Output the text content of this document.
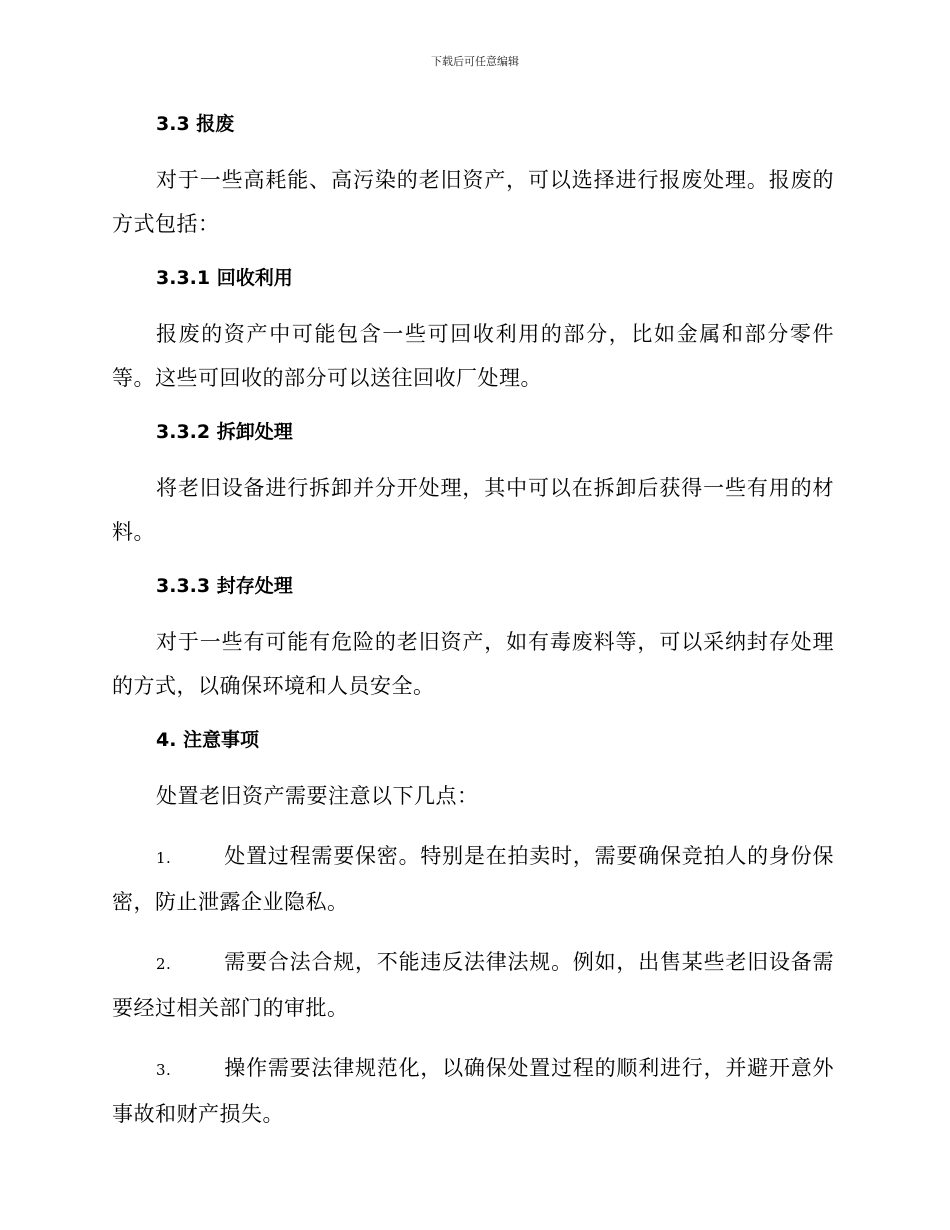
下载后可任意编辑
3.3 报废

对于一些高耗能、高污染的老旧资产，可以选择进行报废处理。报废的方式包括：

3.3.1 回收利用

报废的资产中可能包含一些可回收利用的部分，比如金属和部分零件等。这些可回收的部分可以送往回收厂处理。

3.3.2 拆卸处理

将老旧设备进行拆卸并分开处理，其中可以在拆卸后获得一些有用的材料。

3.3.3 封存处理

对于一些有可能有危险的老旧资产，如有毒废料等，可以采纳封存处理的方式，以确保环境和人员安全。

4. 注意事项

处置老旧资产需要注意以下几点：

1.	处置过程需要保密。特别是在拍卖时，需要确保竞拍人的身份保密，防止泄露企业隐私。

2.	需要合法合规，不能违反法律法规。例如，出售某些老旧设备需要经过相关部门的审批。

3.	操作需要法律规范化，以确保处置过程的顺利进行，并避开意外事故和财产损失。
